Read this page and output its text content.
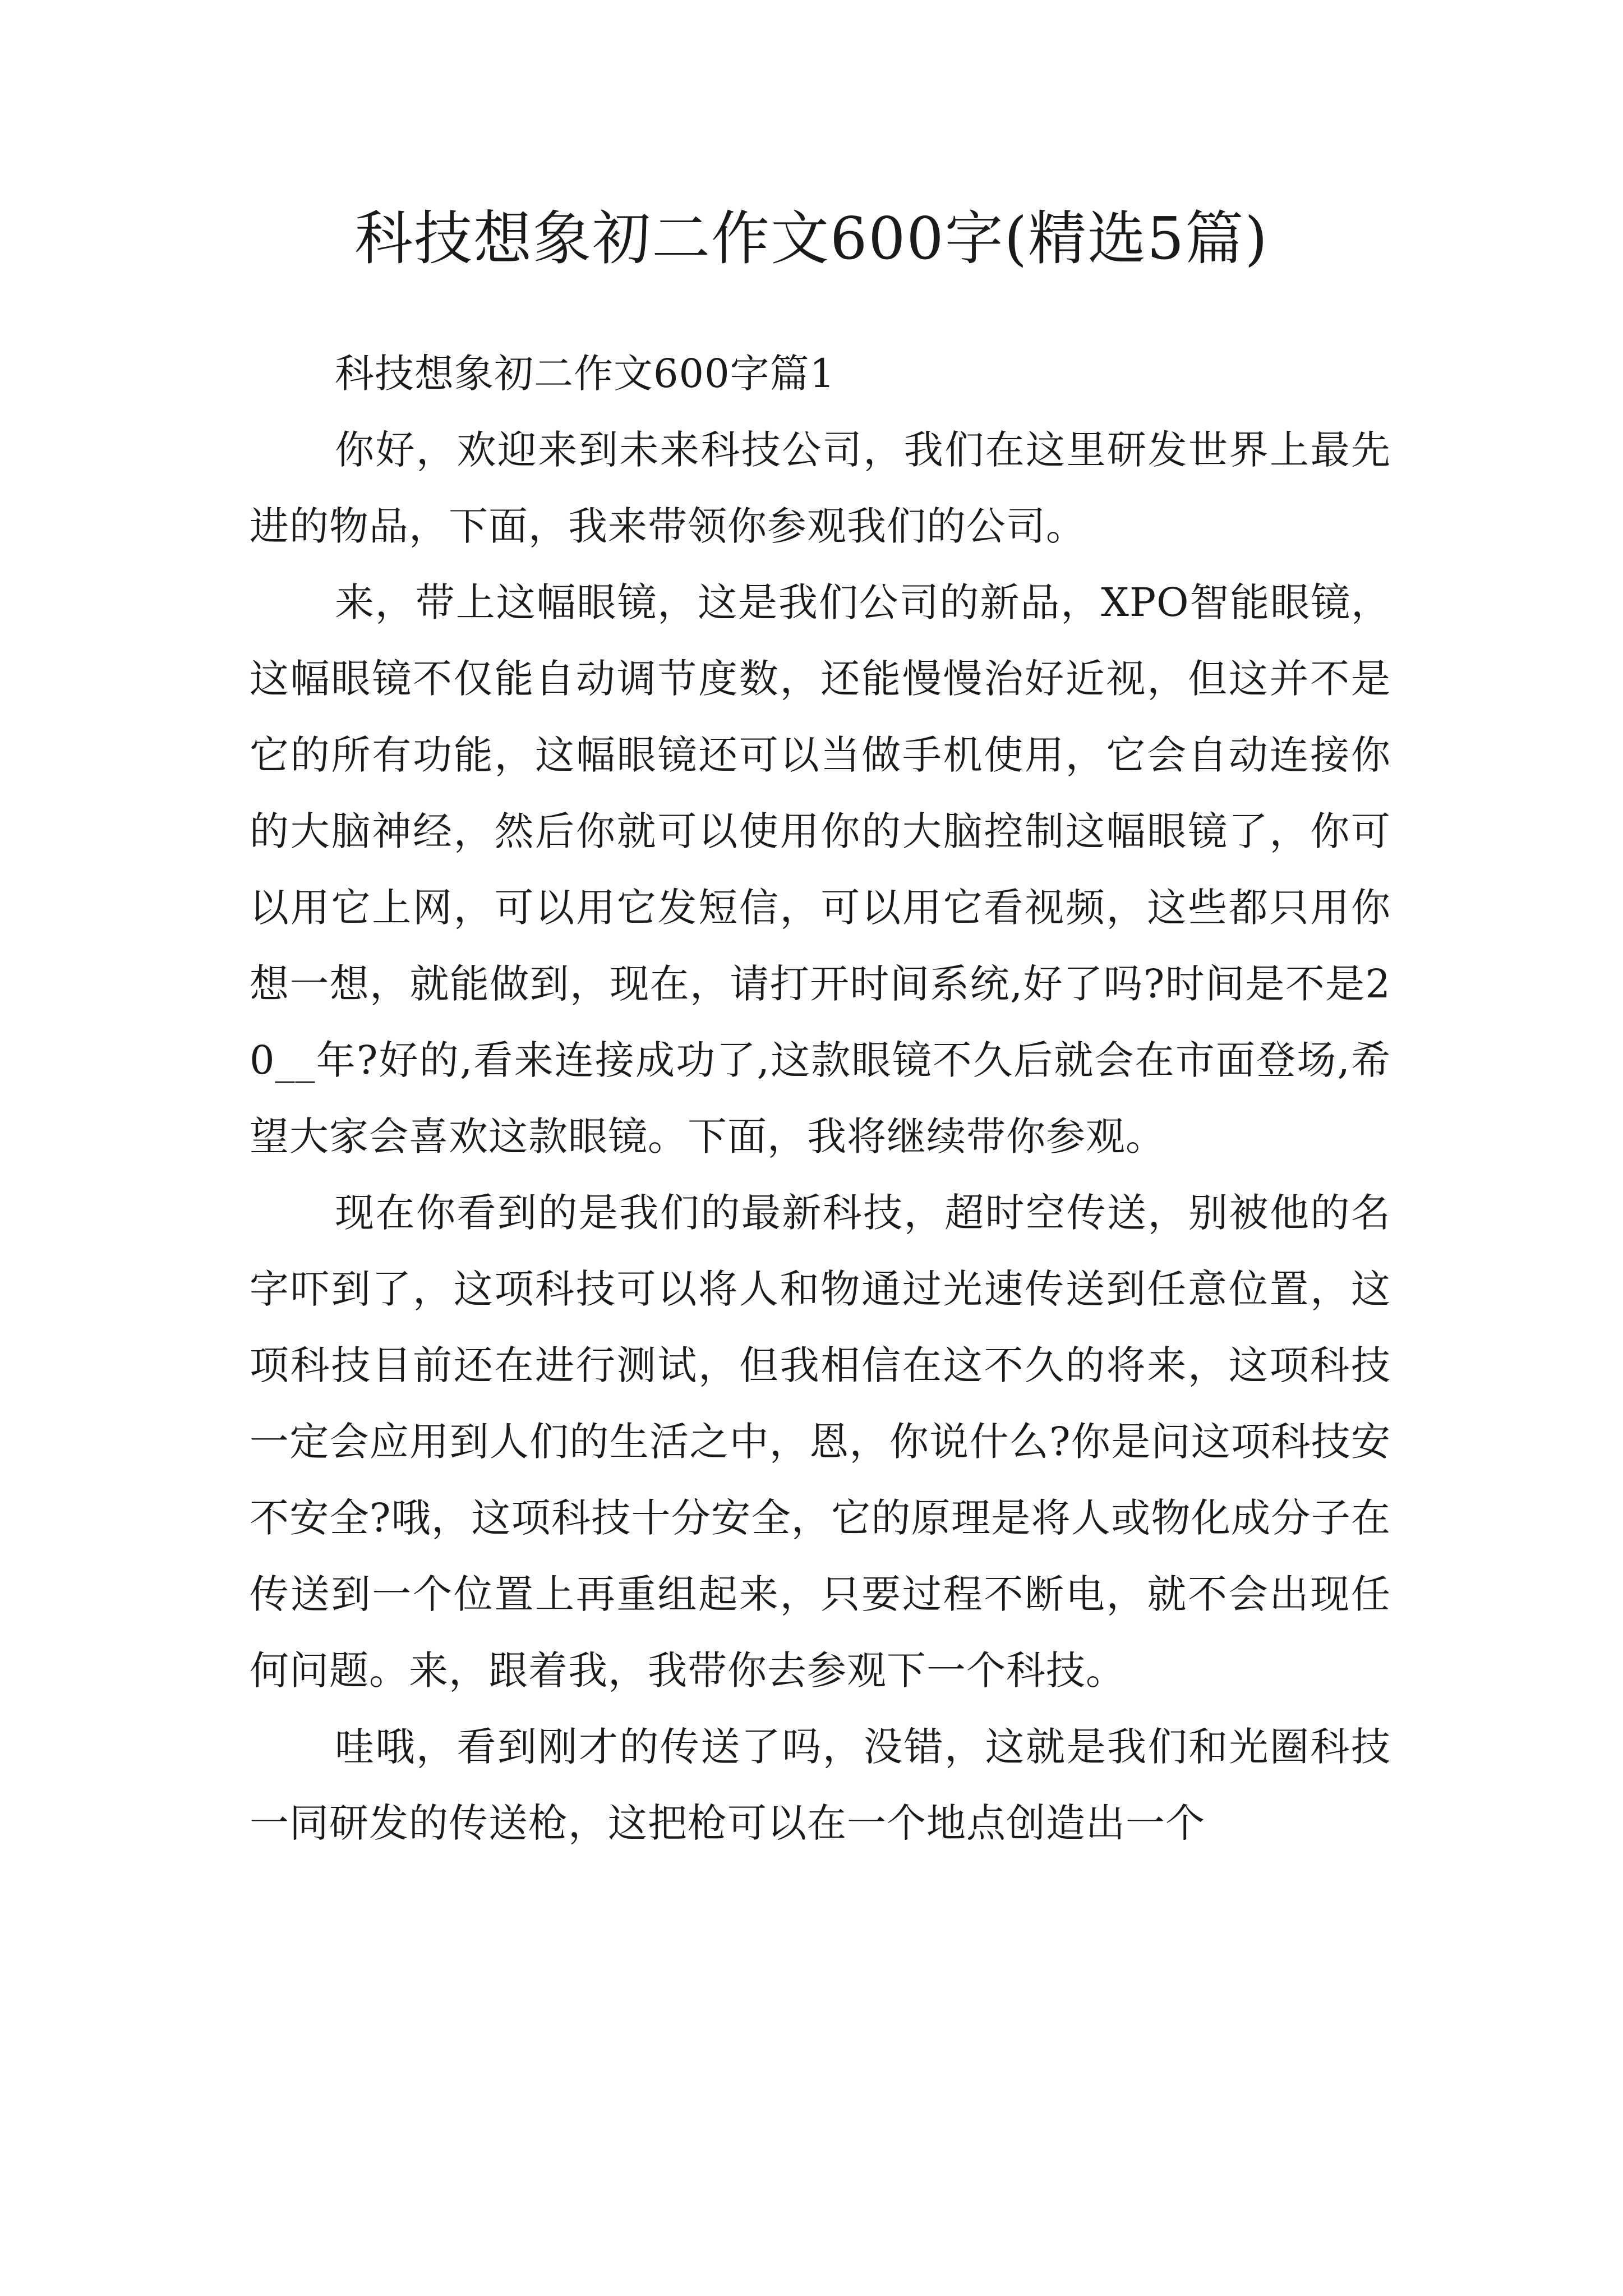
科技想象初二作文600字(精选5篇)
科技想象初二作文600字篇1

你好，欢迎来到未来科技公司，我们在这里研发世界上最先进的物品，下面，我来带领你参观我们的公司。

来，带上这幅眼镜，这是我们公司的新品，XPO智能眼镜，这幅眼镜不仅能自动调节度数，还能慢慢治好近视，但这并不是它的所有功能，这幅眼镜还可以当做手机使用，它会自动连接你的大脑神经，然后你就可以使用你的大脑控制这幅眼镜了，你可以用它上网，可以用它发短信，可以用它看视频，这些都只用你想一想，就能做到，现在，请打开时间系统,好了吗?时间是不是20__年?好的,看来连接成功了,这款眼镜不久后就会在市面登场,希望大家会喜欢这款眼镜。下面，我将继续带你参观。

现在你看到的是我们的最新科技，超时空传送，别被他的名字吓到了，这项科技可以将人和物通过光速传送到任意位置，这项科技目前还在进行测试，但我相信在这不久的将来，这项科技一定会应用到人们的生活之中，恩，你说什么?你是问这项科技安不安全?哦，这项科技十分安全，它的原理是将人或物化成分子在传送到一个位置上再重组起来，只要过程不断电，就不会出现任何问题。来，跟着我，我带你去参观下一个科技。

哇哦，看到刚才的传送了吗，没错，这就是我们和光圈科技一同研发的传送枪，这把枪可以在一个地点创造出一个
